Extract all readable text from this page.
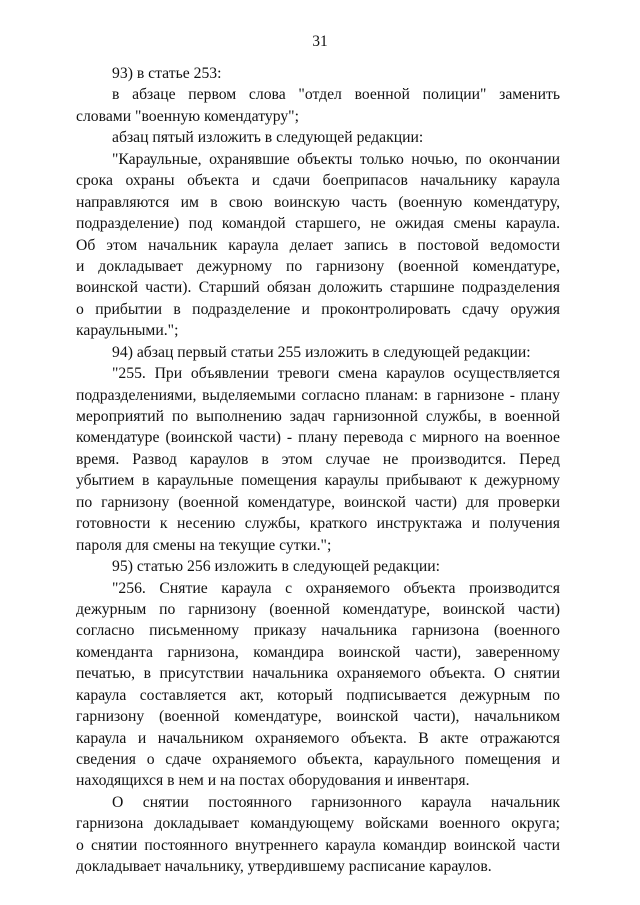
31
93) в статье 253:
в абзаце первом слова "отдел военной полиции" заменить
словами "военную комендатуру";
абзац пятый изложить в следующей редакции:
"Караульные, охранявшие объекты только ночью, по окончании
срока охраны объекта и сдачи боеприпасов начальнику караула
направляются им в свою воинскую часть (военную комендатуру,
подразделение) под командой старшего, не ожидая смены караула.
Об этом начальник караула делает запись в постовой ведомости
и докладывает дежурному по гарнизону (военной комендатуре,
воинской части). Старший обязан доложить старшине подразделения
о прибытии в подразделение и проконтролировать сдачу оружия
караульными.";
94) абзац первый статьи 255 изложить в следующей редакции:
"255. При объявлении тревоги смена караулов осуществляется
подразделениями, выделяемыми согласно планам: в гарнизоне - плану
мероприятий по выполнению задач гарнизонной службы, в военной
комендатуре (воинской части) - плану перевода с мирного на военное
время. Развод караулов в этом случае не производится. Перед
убытием в караульные помещения караулы прибывают к дежурному
по гарнизону (военной комендатуре, воинской части) для проверки
готовности к несению службы, краткого инструктажа и получения
пароля для смены на текущие сутки.";
95) статью 256 изложить в следующей редакции:
"256. Снятие караула с охраняемого объекта производится
дежурным по гарнизону (военной комендатуре, воинской части)
согласно письменному приказу начальника гарнизона (военного
коменданта гарнизона, командира воинской части), заверенному
печатью, в присутствии начальника охраняемого объекта. О снятии
караула составляется акт, который подписывается дежурным по
гарнизону (военной комендатуре, воинской части), начальником
караула и начальником охраняемого объекта. В акте отражаются
сведения о сдаче охраняемого объекта, караульного помещения и
находящихся в нем и на постах оборудования и инвентаря.
О снятии постоянного гарнизонного караула начальник
гарнизона докладывает командующему войсками военного округа;
о снятии постоянного внутреннего караула командир воинской части
докладывает начальнику, утвердившему расписание караулов.
